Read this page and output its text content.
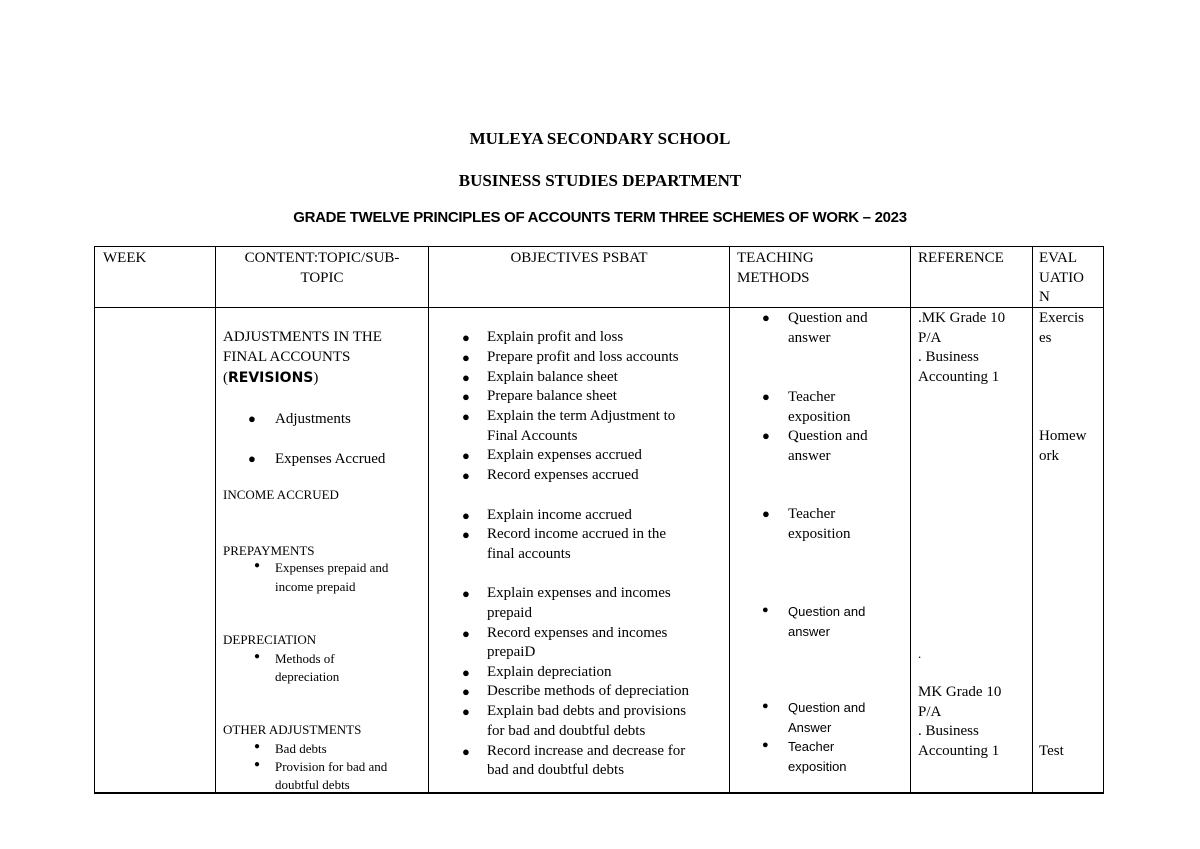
MULEYA SECONDARY SCHOOL
BUSINESS STUDIES DEPARTMENT
GRADE TWELVE PRINCIPLES OF ACCOUNTS TERM THREE SCHEMES OF WORK – 2023
WEEK	CONTENT:TOPIC/SUB-
TOPIC
OBJECTIVES PSBAT	TEACHING
METHODS
REFERENCE EVAL
UATIO
N
ADJUSTMENTS IN THE
FINAL ACCOUNTS
(REVISIONS)
● Adjustments
● Expenses Accrued
INCOME ACCRUED
PREPAYMENTS
● Expenses prepaid and
income prepaid
DEPRECIATION
● Methods of
depreciation
OTHER ADJUSTMENTS
● Bad debts
● Provision for bad and
doubtful debts
● Explain profit and loss
● Prepare profit and loss accounts
● Explain balance sheet
● Prepare balance sheet
● Explain the term Adjustment to
Final Accounts
● Explain expenses accrued
● Record expenses accrued
● Explain income accrued
● Record income accrued in the
final accounts
● Explain expenses and incomes
prepaid
● Record expenses and incomes
prepaiD
● Explain depreciation
● Describe methods of depreciation
● Explain bad debts and provisions
for bad and doubtful debts
● Record increase and decrease for
bad and doubtful debts
● Question and
answer
● Teacher
exposition
● Question and
answer
● Teacher
exposition
● Question and
answer
● Question and
Answer
● Teacher
exposition
.MK Grade 10
P/A
. Business
Accounting 1
.
MK Grade 10
P/A
. Business
Accounting 1
Exercis
es
Homew
ork
Test
